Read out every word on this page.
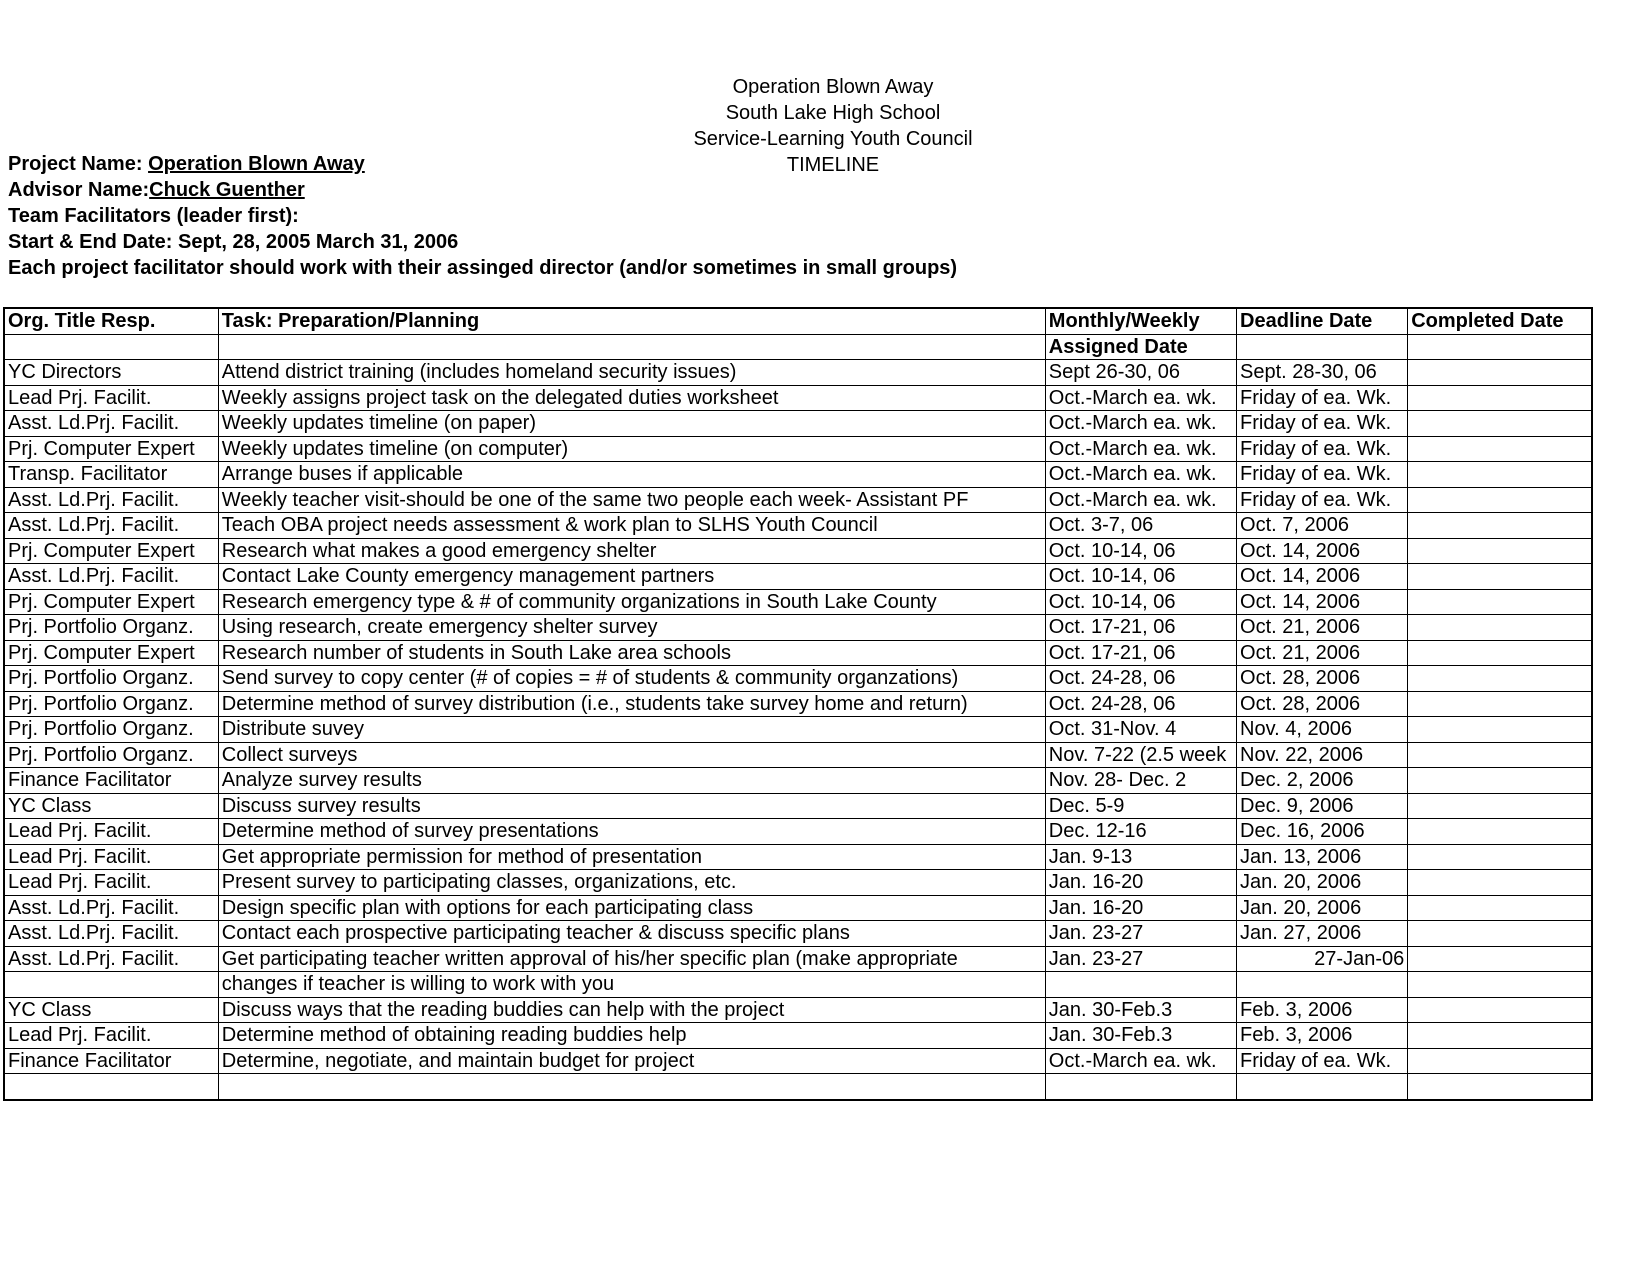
Operation Blown Away
South Lake High School
Service-Learning Youth Council
TIMELINE
Project Name: Operation Blown Away
Advisor Name:Chuck Guenther
Team Facilitators (leader first):
Start & End Date: Sept, 28, 2005 March 31, 2006
Each project facilitator should work with their assinged director (and/or sometimes in small groups)
Org. Title Resp.	Task: Preparation/Planning	Monthly/Weekly	Deadline Date	Completed Date
		Assigned Date		
YC Directors	Attend district training (includes homeland security issues)	Sept 26-30, 06	Sept. 28-30, 06	
Lead Prj. Facilit.	Weekly assigns project task on the delegated duties worksheet	Oct.-March ea. wk.	Friday of ea. Wk.	
Asst. Ld.Prj. Facilit.	Weekly updates timeline (on paper)	Oct.-March ea. wk.	Friday of ea. Wk.	
Prj. Computer Expert	Weekly updates timeline (on computer)	Oct.-March ea. wk.	Friday of ea. Wk.	
Transp. Facilitator	Arrange buses if applicable	Oct.-March ea. wk.	Friday of ea. Wk.	
Asst. Ld.Prj. Facilit.	Weekly teacher visit-should be one of the same two people each week- Assistant PF	Oct.-March ea. wk.	Friday of ea. Wk.	
Asst. Ld.Prj. Facilit.	Teach OBA project needs assessment & work plan to SLHS Youth Council	Oct. 3-7, 06	Oct. 7, 2006	
Prj. Computer Expert	Research what makes a good emergency shelter	Oct. 10-14, 06	Oct. 14, 2006	
Asst. Ld.Prj. Facilit.	Contact Lake County emergency management partners	Oct. 10-14, 06	Oct. 14, 2006	
Prj. Computer Expert	Research emergency type & # of community organizations in South Lake County	Oct. 10-14, 06	Oct. 14, 2006	
Prj. Portfolio Organz.	Using research, create emergency shelter survey	Oct. 17-21, 06	Oct. 21, 2006	
Prj. Computer Expert	Research number of students in South Lake area schools	Oct. 17-21, 06	Oct. 21, 2006	
Prj. Portfolio Organz.	Send survey to copy center (# of copies = # of students & community organzations)	Oct. 24-28, 06	Oct. 28, 2006	
Prj. Portfolio Organz.	Determine method of survey distribution (i.e., students take survey home and return)	Oct. 24-28, 06	Oct. 28, 2006	
Prj. Portfolio Organz.	Distribute suvey	Oct. 31-Nov. 4	Nov. 4, 2006	
Prj. Portfolio Organz.	Collect surveys	Nov. 7-22 (2.5 week	Nov. 22, 2006	
Finance Facilitator	Analyze survey results	Nov. 28- Dec. 2	Dec. 2, 2006	
YC Class	Discuss survey results	Dec. 5-9	Dec. 9, 2006	
Lead Prj. Facilit.	Determine method of survey presentations	Dec. 12-16	Dec. 16, 2006	
Lead Prj. Facilit.	Get appropriate permission for method of presentation	Jan. 9-13	Jan. 13, 2006	
Lead Prj. Facilit.	Present survey to participating classes, organizations, etc.	Jan. 16-20	Jan. 20, 2006	
Asst. Ld.Prj. Facilit.	Design specific plan with options for each participating class	Jan. 16-20	Jan. 20, 2006	
Asst. Ld.Prj. Facilit.	Contact each prospective participating teacher & discuss specific plans	Jan. 23-27	Jan. 27, 2006	
Asst. Ld.Prj. Facilit.	Get participating teacher written approval of his/her specific plan (make appropriate	Jan. 23-27	27-Jan-06	
	changes if teacher is willing to work with you			
YC Class	Discuss ways that the reading buddies can help with the project	Jan. 30-Feb.3	Feb. 3, 2006	
Lead Prj. Facilit.	Determine method of obtaining reading buddies help	Jan. 30-Feb.3	Feb. 3, 2006	
Finance Facilitator	Determine, negotiate, and maintain budget for project	Oct.-March ea. wk.	Friday of ea. Wk.	
